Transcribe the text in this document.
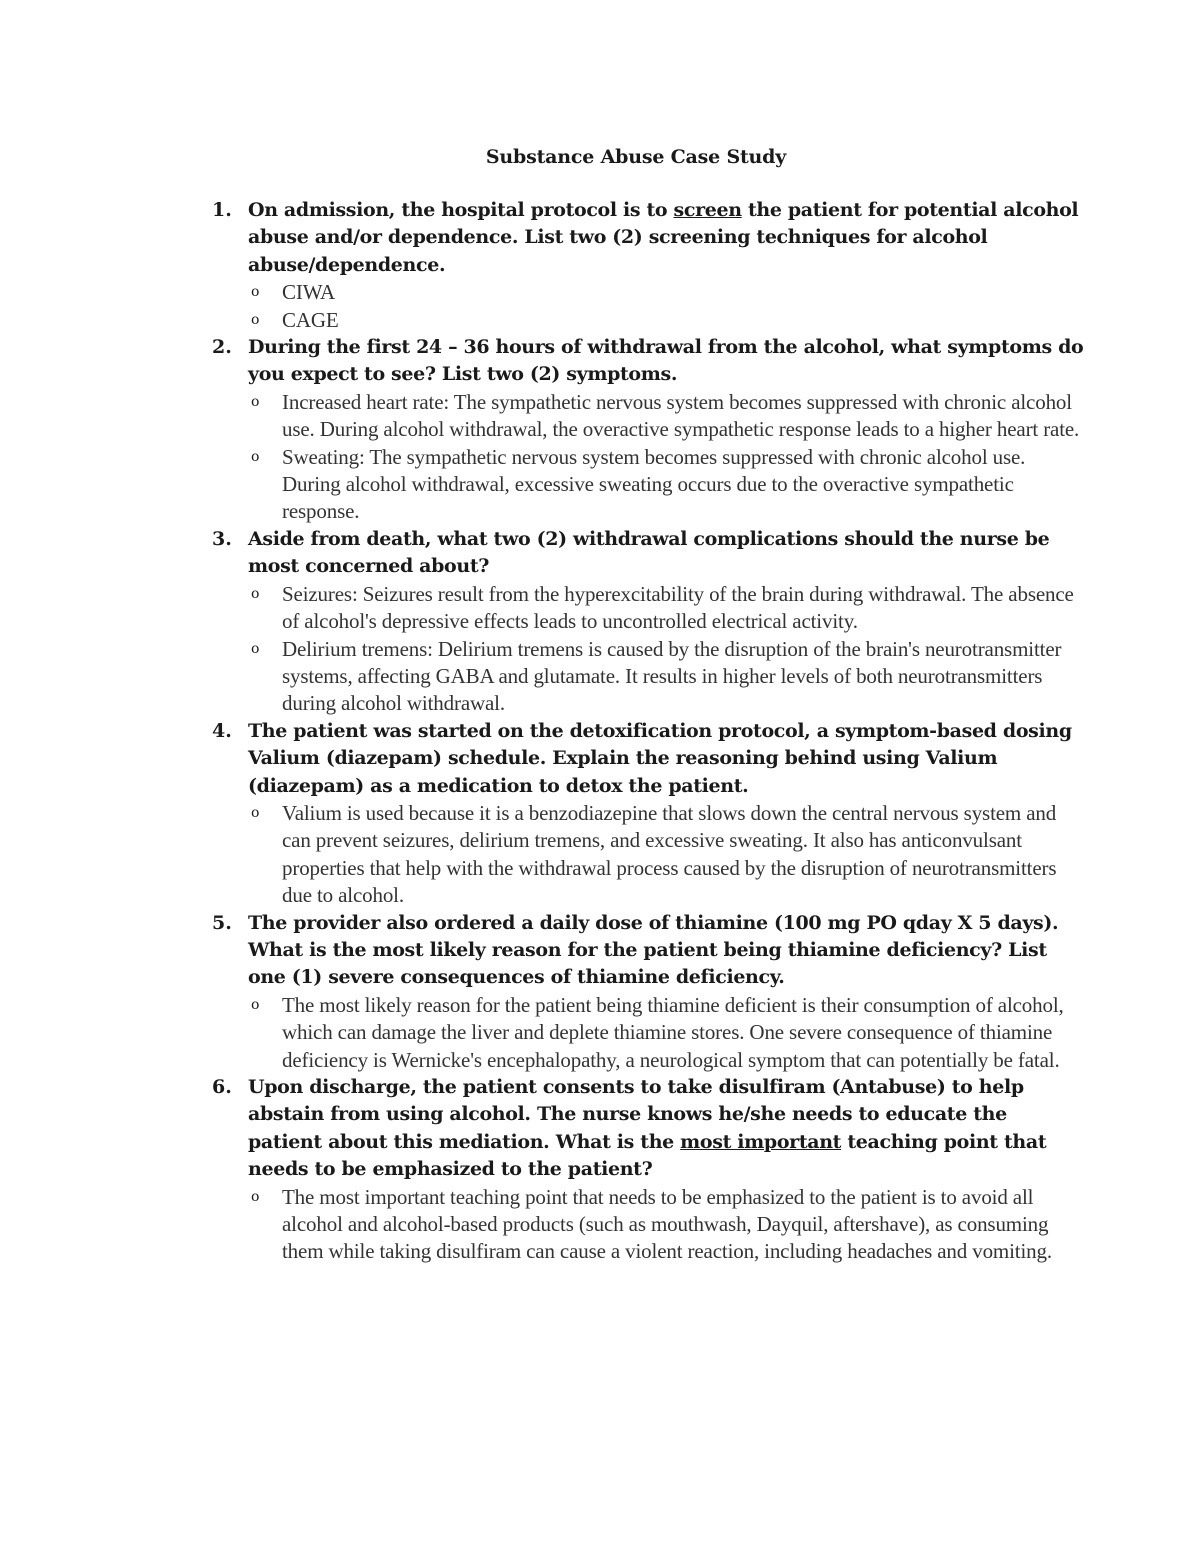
Substance Abuse Case Study
1. On admission, the hospital protocol is to screen the patient for potential alcohol abuse and/or dependence. List two (2) screening techniques for alcohol abuse/dependence.
o CIWA
o CAGE
2. During the first 24 – 36 hours of withdrawal from the alcohol, what symptoms do you expect to see? List two (2) symptoms.
o Increased heart rate: The sympathetic nervous system becomes suppressed with chronic alcohol use. During alcohol withdrawal, the overactive sympathetic response leads to a higher heart rate.
o Sweating: The sympathetic nervous system becomes suppressed with chronic alcohol use. During alcohol withdrawal, excessive sweating occurs due to the overactive sympathetic response.
3. Aside from death, what two (2) withdrawal complications should the nurse be most concerned about?
o Seizures: Seizures result from the hyperexcitability of the brain during withdrawal. The absence of alcohol's depressive effects leads to uncontrolled electrical activity.
o Delirium tremens: Delirium tremens is caused by the disruption of the brain's neurotransmitter systems, affecting GABA and glutamate. It results in higher levels of both neurotransmitters during alcohol withdrawal.
4. The patient was started on the detoxification protocol, a symptom-based dosing Valium (diazepam) schedule. Explain the reasoning behind using Valium (diazepam) as a medication to detox the patient.
o Valium is used because it is a benzodiazepine that slows down the central nervous system and can prevent seizures, delirium tremens, and excessive sweating. It also has anticonvulsant properties that help with the withdrawal process caused by the disruption of neurotransmitters due to alcohol.
5. The provider also ordered a daily dose of thiamine (100 mg PO qday X 5 days). What is the most likely reason for the patient being thiamine deficiency? List one (1) severe consequences of thiamine deficiency.
o The most likely reason for the patient being thiamine deficient is their consumption of alcohol, which can damage the liver and deplete thiamine stores. One severe consequence of thiamine deficiency is Wernicke's encephalopathy, a neurological symptom that can potentially be fatal.
6. Upon discharge, the patient consents to take disulfiram (Antabuse) to help abstain from using alcohol. The nurse knows he/she needs to educate the patient about this mediation. What is the most important teaching point that needs to be emphasized to the patient?
o The most important teaching point that needs to be emphasized to the patient is to avoid all alcohol and alcohol-based products (such as mouthwash, Dayquil, aftershave), as consuming them while taking disulfiram can cause a violent reaction, including headaches and vomiting.
